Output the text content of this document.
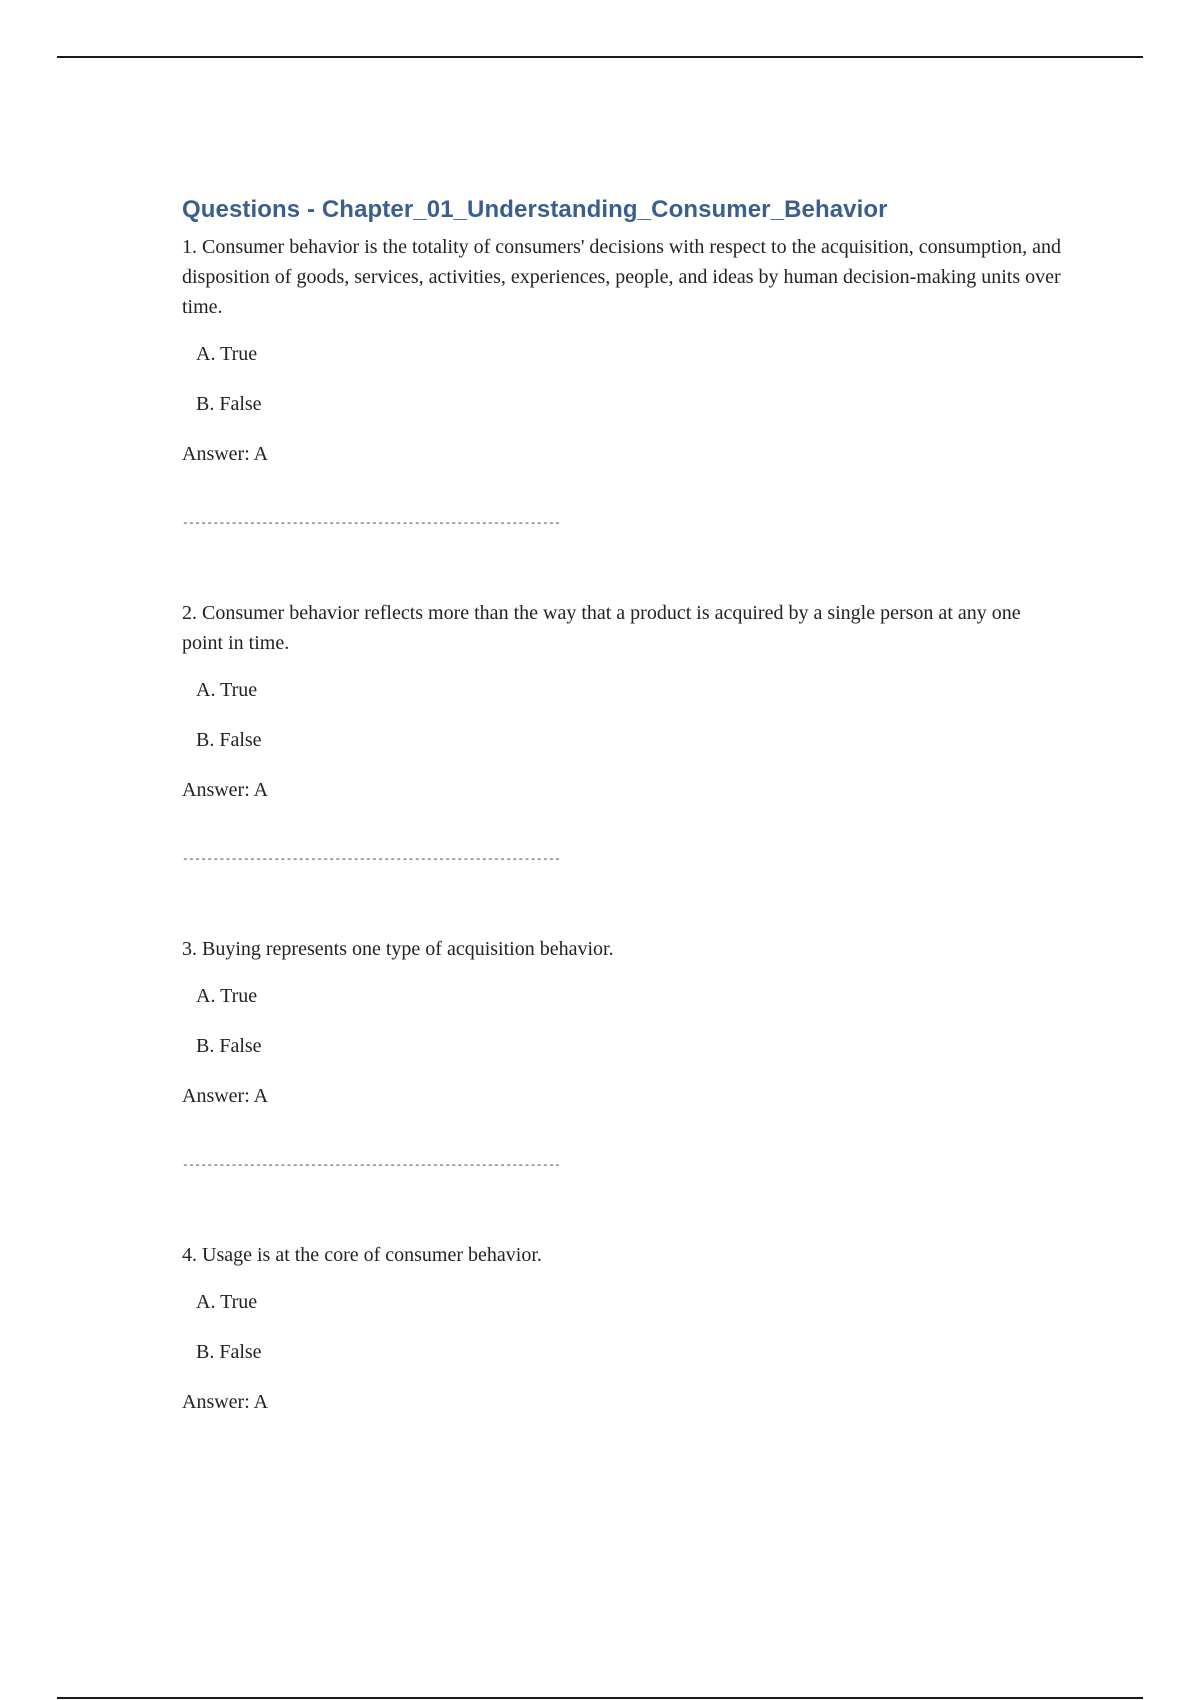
Questions - Chapter_01_Understanding_Consumer_Behavior

1. Consumer behavior is the totality of consumers' decisions with respect to the acquisition, consumption, and disposition of goods, services, activities, experiences, people, and ideas by human decision-making units over time.

A. True

B. False

Answer: A

--------------------------------------------------------------

2. Consumer behavior reflects more than the way that a product is acquired by a single person at any one point in time.

A. True

B. False

Answer: A

--------------------------------------------------------------

3. Buying represents one type of acquisition behavior.

A. True

B. False

Answer: A

--------------------------------------------------------------

4. Usage is at the core of consumer behavior.

A. True

B. False

Answer: A
